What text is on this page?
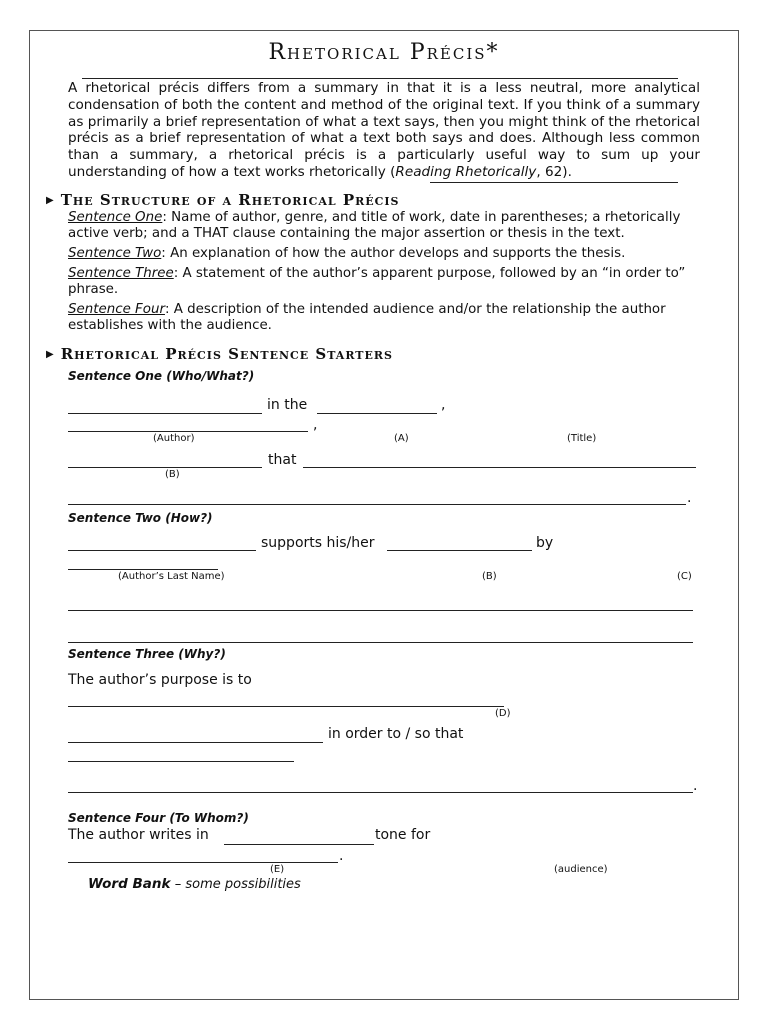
Rhetorical Précis*
A rhetorical précis differs from a summary in that it is a less neutral, more analytical condensation of both the content and method of the original text. If you think of a summary as primarily a brief representation of what a text says, then you might think of the rhetorical précis as a brief representation of what a text both says and does. Although less common than a summary, a rhetorical précis is a particularly useful way to sum up your understanding of how a text works rhetorically (Reading Rhetorically, 62).
▶ The Structure of a Rhetorical Précis
Sentence One: Name of author, genre, and title of work, date in parentheses; a rhetorically active verb; and a THAT clause containing the major assertion or thesis in the text.
Sentence Two: An explanation of how the author develops and supports the thesis.
Sentence Three: A statement of the author’s apparent purpose, followed by an “in order to” phrase.
Sentence Four: A description of the intended audience and/or the relationship the author establishes with the audience.
▶ Rhetorical Précis Sentence Starters
Sentence One (Who/What?)
in the	,
,
(Author)	(A)	(Title)
that
(B)
.
Sentence Two (How?)
supports his/her	by
(Author’s Last Name)	(B)	(C)
Sentence Three (Why?)
The author’s purpose is to
(D)
in order to / so that
.
Sentence Four (To Whom?)
The author writes in	tone for
.
(E)	(audience)
Word Bank – some possibilities
